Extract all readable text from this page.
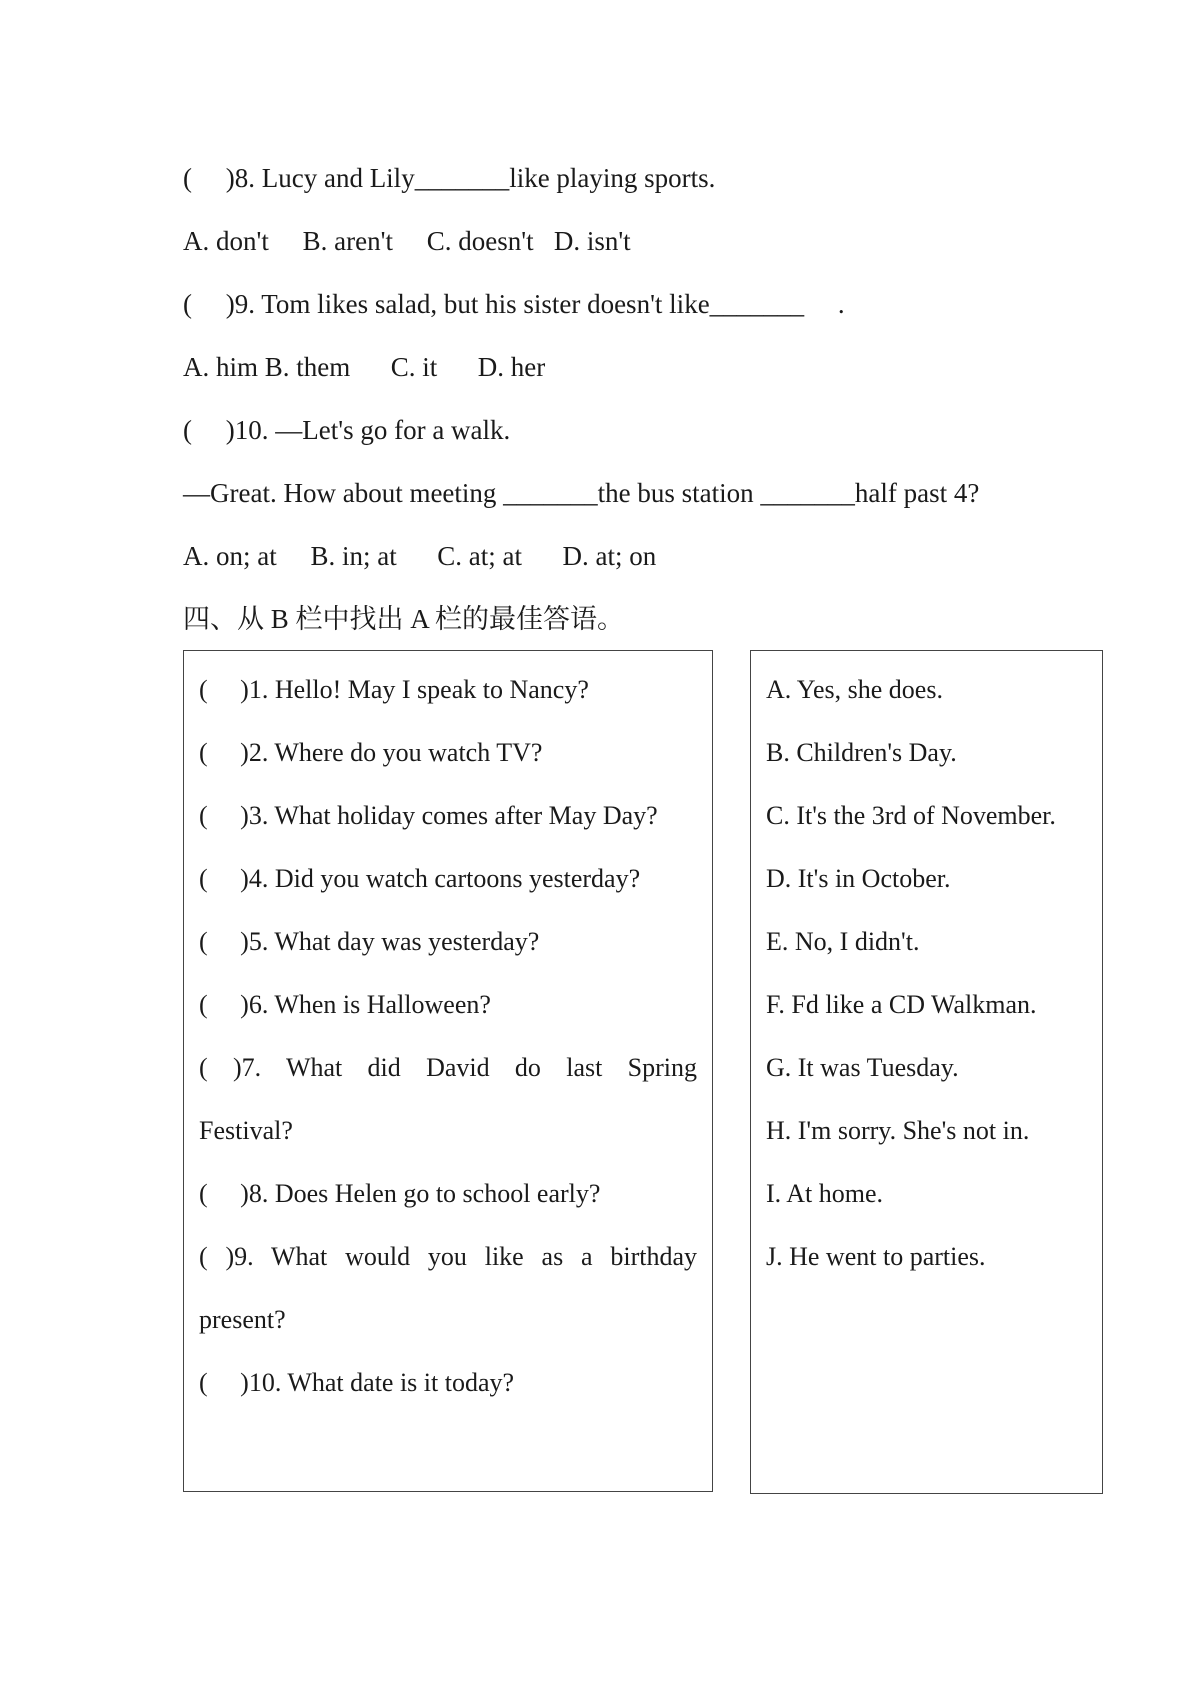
(     )8. Lucy and Lily_______like playing sports.
A. don't     B. aren't     C. doesn't   D. isn't
(     )9. Tom likes salad, but his sister doesn't like_______     .
A. him B. them      C. it      D. her
(     )10. —Let's go for a walk.
—Great. How about meeting _______the bus station _______half past 4?
A. on; at     B. in; at      C. at; at      D. at; on
四、从 B 栏中找出 A 栏的最佳答语。
(     )1. Hello! May I speak to Nancy?
(     )2. Where do you watch TV?
(     )3. What holiday comes after May Day?
(     )4. Did you watch cartoons yesterday?
(     )5. What day was yesterday?
(     )6. When is Halloween?
( )7. What did David do last Spring
Festival?
(     )8. Does Helen go to school early?
( )9. What would you like as a birthday
present?
(     )10. What date is it today?
A. Yes, she does.
B. Children's Day.
C. It's the 3rd of November.
D. It's in October.
E. No, I didn't.
F. Fd like a CD Walkman.
G. It was Tuesday.
H. I'm sorry. She's not in.
I. At home.
J. He went to parties.
